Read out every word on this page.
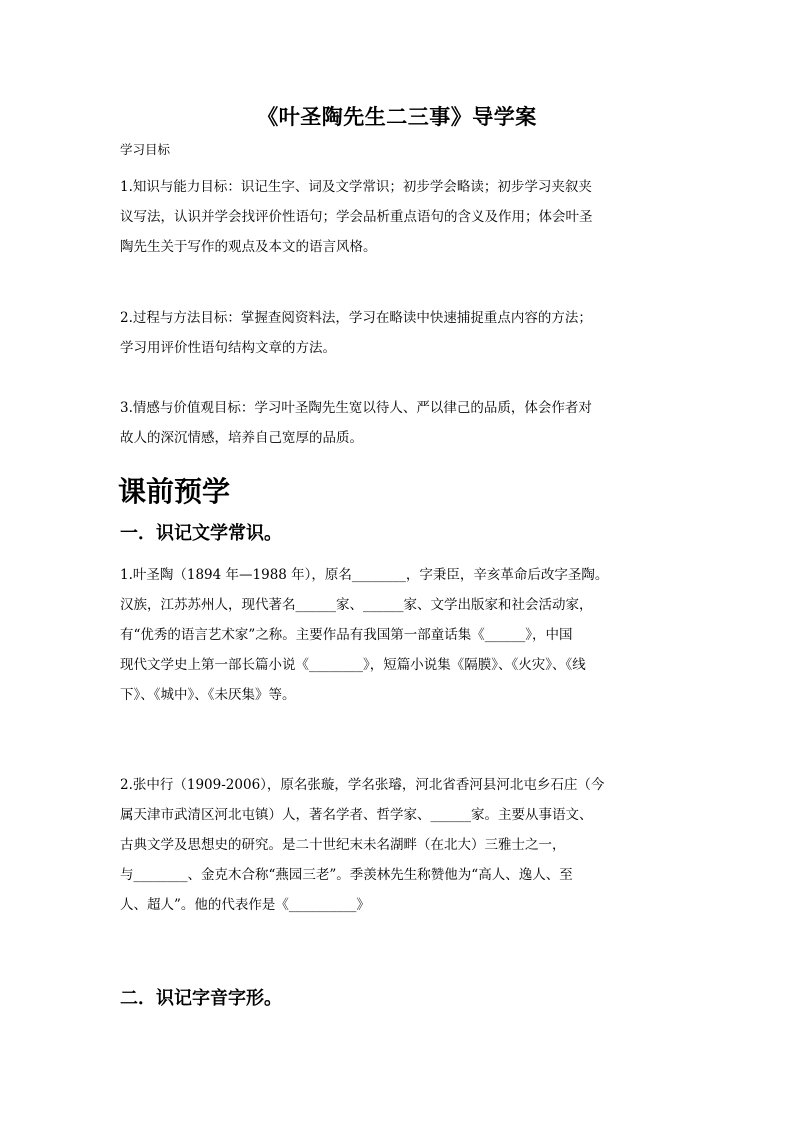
《叶圣陶先生二三事》导学案
学习目标
1.知识与能力目标：识记生字、词及文学常识；初步学会略读；初步学习夹叙夹
议写法，认识并学会找评价性语句；学会品析重点语句的含义及作用；体会叶圣
陶先生关于写作的观点及本文的语言风格。
2.过程与方法目标：掌握查阅资料法，学习在略读中快速捕捉重点内容的方法；
学习用评价性语句结构文章的方法。
3.情感与价值观目标：学习叶圣陶先生宽以待人、严以律己的品质，体会作者对
故人的深沉情感，培养自己宽厚的品质。
课前预学
一．识记文学常识。
1.叶圣陶（1894 年—1988 年），原名________，字秉臣，辛亥革命后改字圣陶。
汉族，江苏苏州人，现代著名______家、______家、文学出版家和社会活动家，
有“优秀的语言艺术家”之称。主要作品有我国第一部童话集《______》，中国
现代文学史上第一部长篇小说《________》，短篇小说集《隔膜》、《火灾》、《线
下》、《城中》、《未厌集》等。
2.张中行（1909-2006），原名张璇，学名张璿，河北省香河县河北屯乡石庄（今
属天津市武清区河北屯镇）人，著名学者、哲学家、______家。主要从事语文、
古典文学及思想史的研究。是二十世纪末未名湖畔（在北大）三雅士之一，
与________、金克木合称“燕园三老”。季羡林先生称赞他为“高人、逸人、至
人、超人”。他的代表作是《__________》
二．识记字音字形。
